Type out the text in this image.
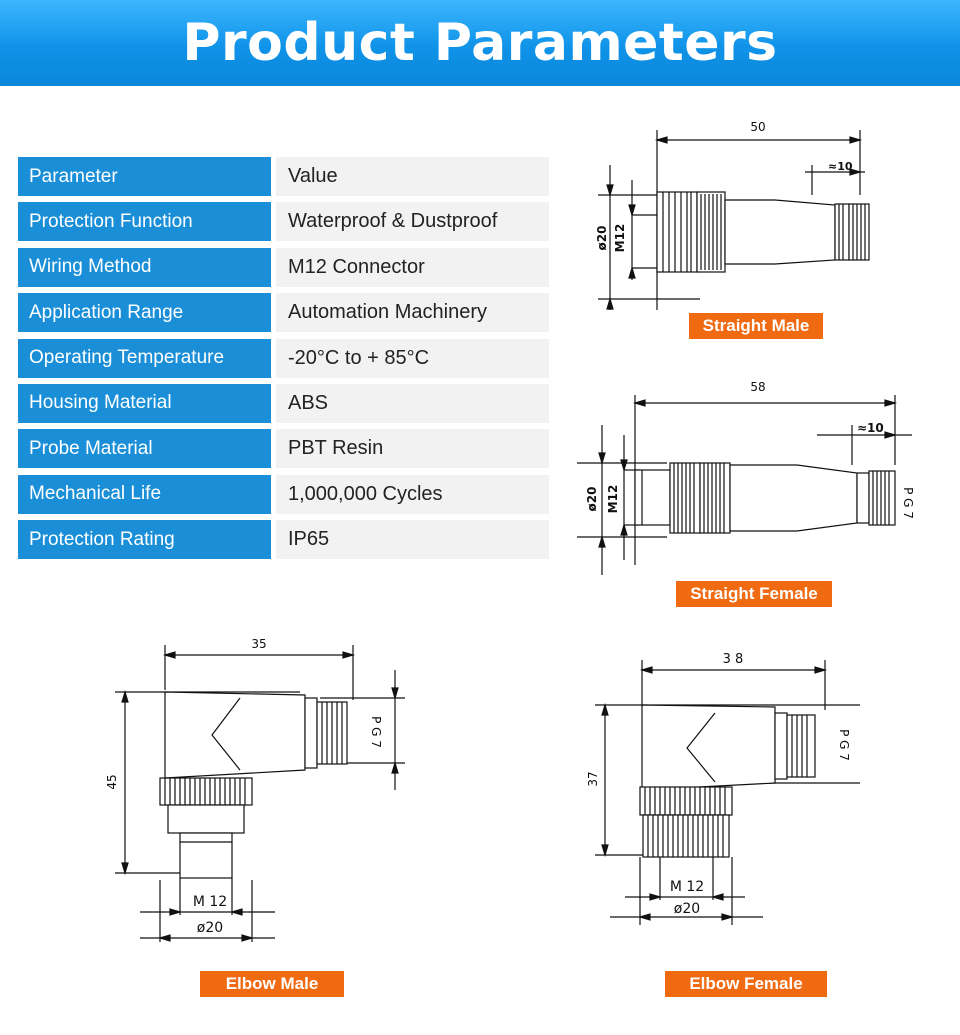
Product Parameters
Parameter	Value
Protection Function	Waterproof & Dustproof
Wiring Method	M12 Connector
Application Range	Automation Machinery
Operating Temperature	-20°C to + 85°C
Housing Material	ABS
Probe Material	PBT Resin
Mechanical Life	1,000,000 Cycles
Protection Rating	IP65
50
≈10
ø20 M12
Straight Male
58
≈10
ø20 M12	P G 7
Straight Female
35
45
M 12
ø20
P G 7
Elbow Male
3 8
37
M 12
ø20
P G 7
Elbow Female
